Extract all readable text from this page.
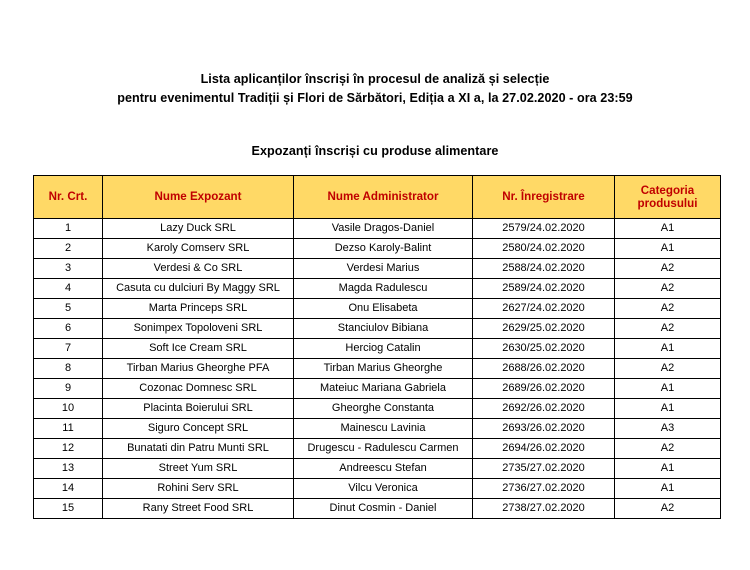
Lista aplicanților înscriși în procesul de analiză și selecție
pentru evenimentul Tradiții și Flori de Sărbători, Ediția a XI a, la 27.02.2020 - ora 23:59
Expozanți înscriși cu produse alimentare
Nr. Crt.	Nume Expozant	Nume Administrator	Nr. Înregistrare	Categoria produsului
1	Lazy Duck SRL	Vasile Dragos-Daniel	2579/24.02.2020	A1
2	Karoly Comserv SRL	Dezso Karoly-Balint	2580/24.02.2020	A1
3	Verdesi & Co SRL	Verdesi Marius	2588/24.02.2020	A2
4	Casuta cu dulciuri By Maggy SRL	Magda Radulescu	2589/24.02.2020	A2
5	Marta Princeps SRL	Onu Elisabeta	2627/24.02.2020	A2
6	Sonimpex Topoloveni SRL	Stanciulov Bibiana	2629/25.02.2020	A2
7	Soft Ice Cream SRL	Herciog Catalin	2630/25.02.2020	A1
8	Tirban Marius Gheorghe PFA	Tirban Marius Gheorghe	2688/26.02.2020	A2
9	Cozonac Domnesc SRL	Mateiuc Mariana Gabriela	2689/26.02.2020	A1
10	Placinta Boierului SRL	Gheorghe Constanta	2692/26.02.2020	A1
11	Siguro Concept SRL	Mainescu Lavinia	2693/26.02.2020	A3
12	Bunatati din Patru Munti SRL	Drugescu - Radulescu Carmen	2694/26.02.2020	A2
13	Street Yum SRL	Andreescu Stefan	2735/27.02.2020	A1
14	Rohini Serv SRL	Vilcu Veronica	2736/27.02.2020	A1
15	Rany Street Food SRL	Dinut Cosmin - Daniel	2738/27.02.2020	A2
